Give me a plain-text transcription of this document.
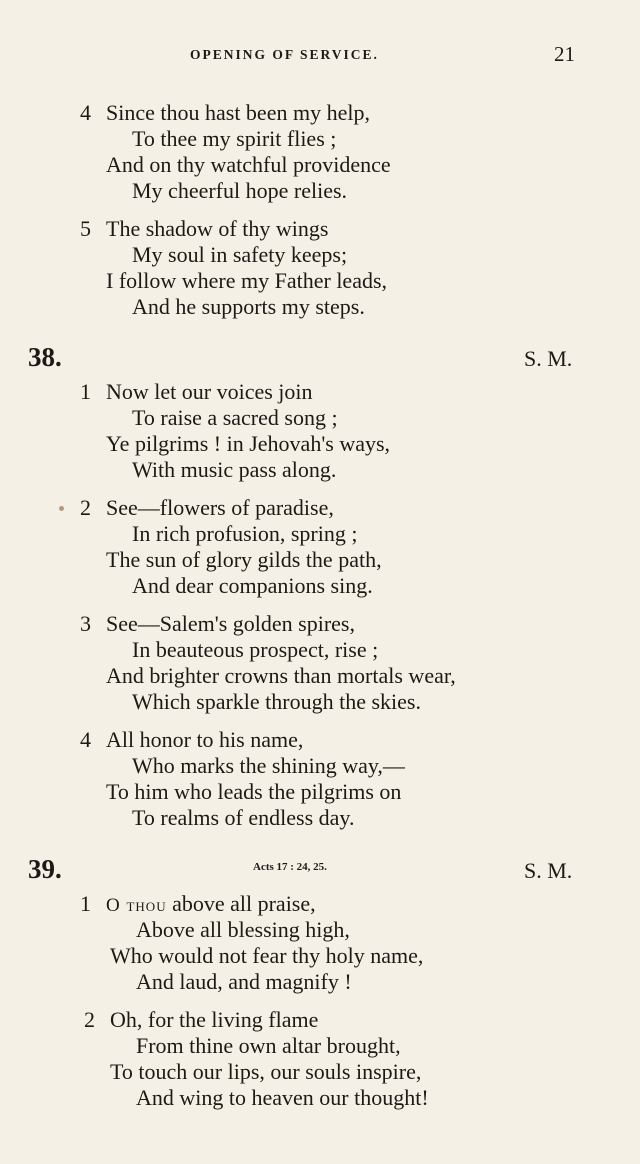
OPENING OF SERVICE.	21
4 Since thou hast been my help,
To thee my spirit flies ;
And on thy watchful providence
My cheerful hope relies.
5 The shadow of thy wings
My soul in safety keeps;
I follow where my Father leads,
And he supports my steps.
38.	S. M.
1 Now let our voices join
To raise a sacred song ;
Ye pilgrims ! in Jehovah's ways,
With music pass along.
2 See—flowers of paradise,
In rich profusion, spring ;
The sun of glory gilds the path,
And dear companions sing.
3 See—Salem's golden spires,
In beauteous prospect, rise ;
And brighter crowns than mortals wear,
Which sparkle through the skies.
4 All honor to his name,
Who marks the shining way,—
To him who leads the pilgrims on
To realms of endless day.
39.	Acts 17 : 24, 25.	S. M.
1 O thou above all praise,
Above all blessing high,
Who would not fear thy holy name,
And laud, and magnify !
2 Oh, for the living flame
From thine own altar brought,
To touch our lips, our souls inspire,
And wing to heaven our thought!
